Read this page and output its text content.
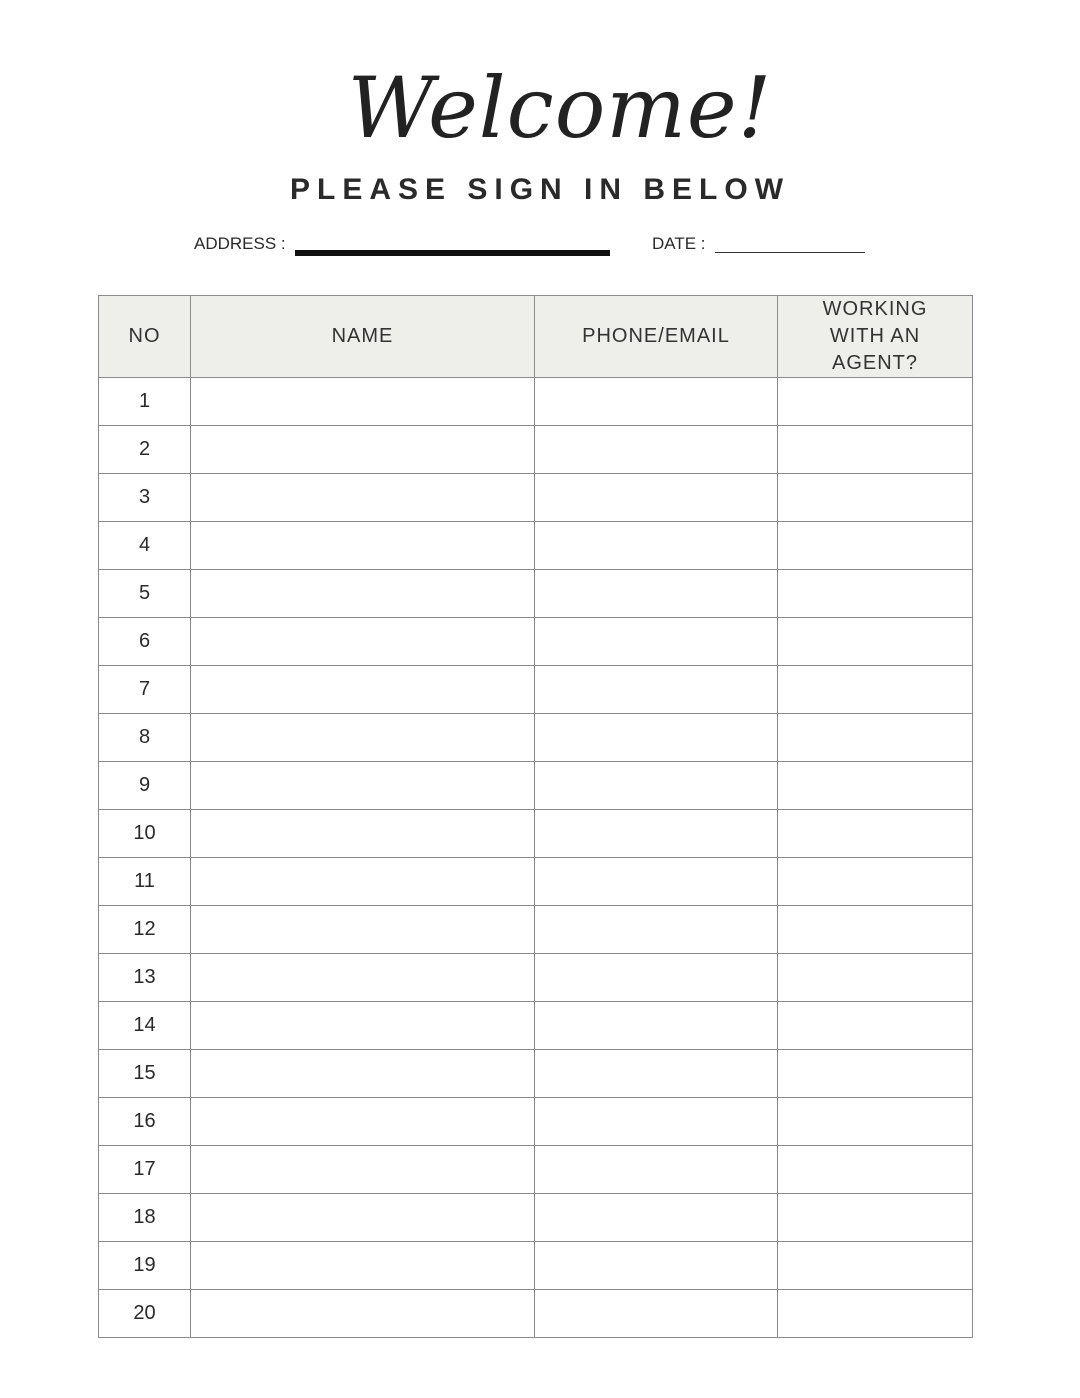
Welcome!
PLEASE SIGN IN BELOW
ADDRESS :	DATE :
NO	NAME	PHONE/EMAIL	WORKING WITH AN AGENT?
1			
2			
3			
4			
5			
6			
7			
8			
9			
10			
11			
12			
13			
14			
15			
16			
17			
18			
19			
20			
